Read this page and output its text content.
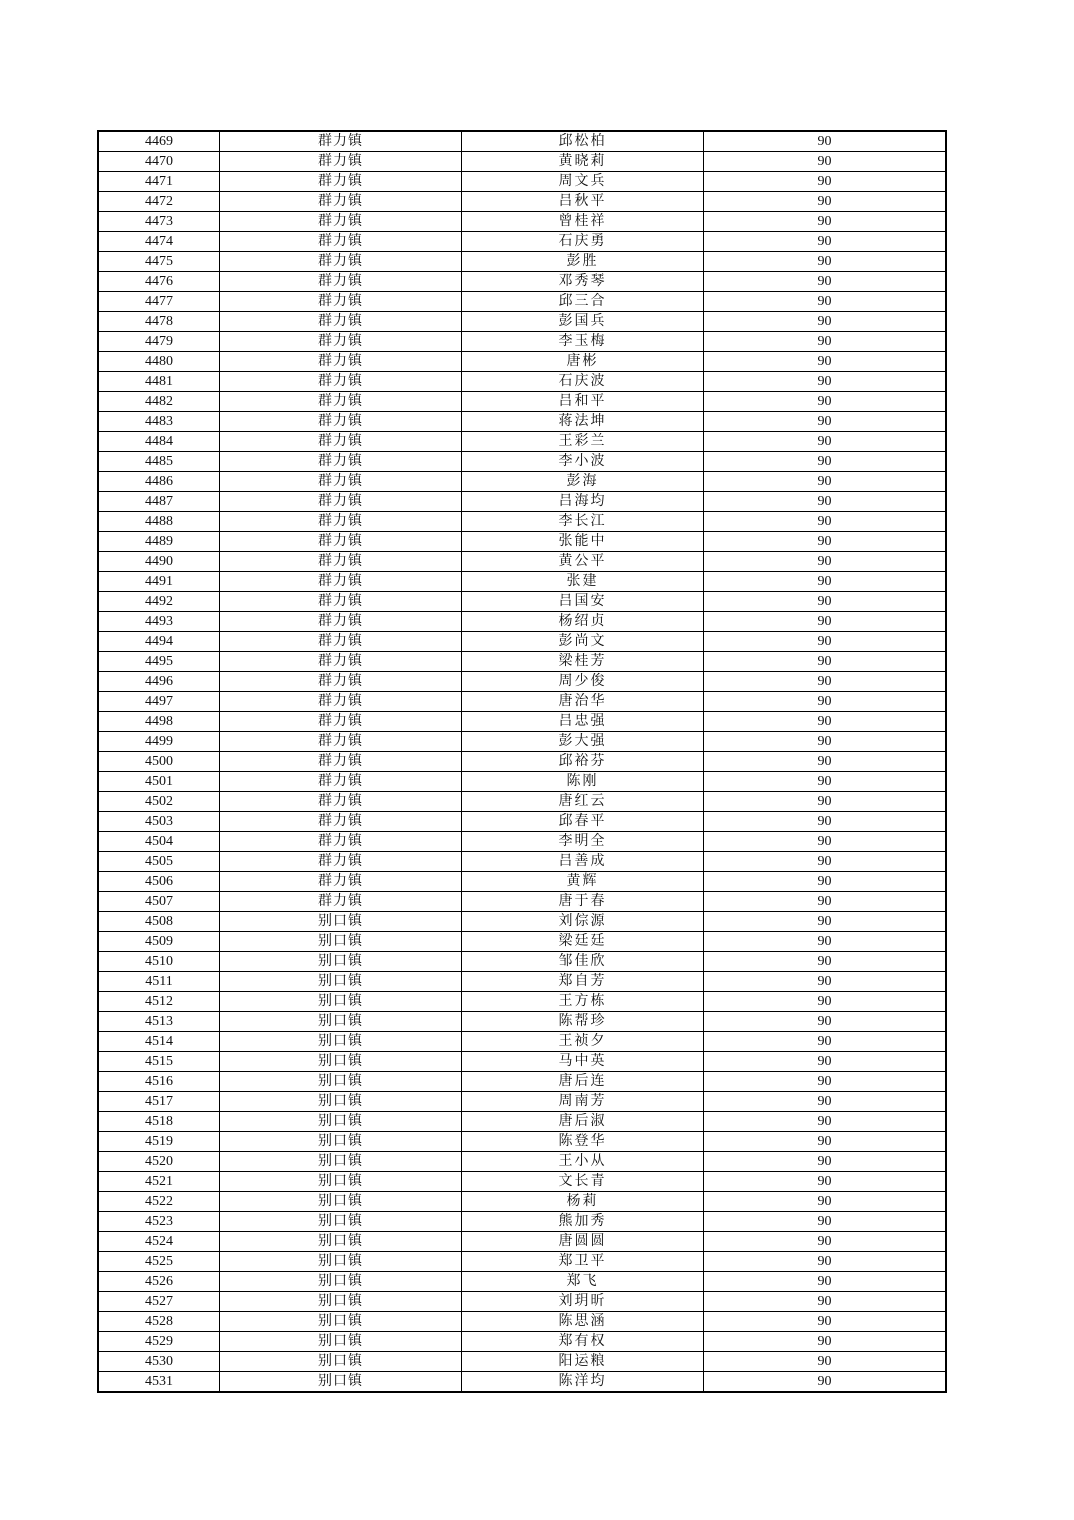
4469	群力镇	邱松柏	90
4470	群力镇	黄晓莉	90
4471	群力镇	周文兵	90
4472	群力镇	吕秋平	90
4473	群力镇	曾桂祥	90
4474	群力镇	石庆勇	90
4475	群力镇	彭胜	90
4476	群力镇	邓秀琴	90
4477	群力镇	邱三合	90
4478	群力镇	彭国兵	90
4479	群力镇	李玉梅	90
4480	群力镇	唐彬	90
4481	群力镇	石庆波	90
4482	群力镇	吕和平	90
4483	群力镇	蒋法坤	90
4484	群力镇	王彩兰	90
4485	群力镇	李小波	90
4486	群力镇	彭海	90
4487	群力镇	吕海均	90
4488	群力镇	李长江	90
4489	群力镇	张能中	90
4490	群力镇	黄公平	90
4491	群力镇	张建	90
4492	群力镇	吕国安	90
4493	群力镇	杨绍贞	90
4494	群力镇	彭尚文	90
4495	群力镇	梁桂芳	90
4496	群力镇	周少俊	90
4497	群力镇	唐治华	90
4498	群力镇	吕忠强	90
4499	群力镇	彭大强	90
4500	群力镇	邱裕芬	90
4501	群力镇	陈刚	90
4502	群力镇	唐红云	90
4503	群力镇	邱春平	90
4504	群力镇	李明全	90
4505	群力镇	吕善成	90
4506	群力镇	黄辉	90
4507	群力镇	唐于春	90
4508	别口镇	刘倧源	90
4509	别口镇	梁廷廷	90
4510	别口镇	邹佳欣	90
4511	别口镇	郑自芳	90
4512	别口镇	王方栋	90
4513	别口镇	陈帮珍	90
4514	别口镇	王祯夕	90
4515	别口镇	马中英	90
4516	别口镇	唐后连	90
4517	别口镇	周南芳	90
4518	别口镇	唐后淑	90
4519	别口镇	陈登华	90
4520	别口镇	王小从	90
4521	别口镇	文长青	90
4522	别口镇	杨莉	90
4523	别口镇	熊加秀	90
4524	别口镇	唐圆圆	90
4525	别口镇	郑卫平	90
4526	别口镇	郑飞	90
4527	别口镇	刘玥昕	90
4528	别口镇	陈思涵	90
4529	别口镇	郑有权	90
4530	别口镇	阳运粮	90
4531	别口镇	陈洋均	90
